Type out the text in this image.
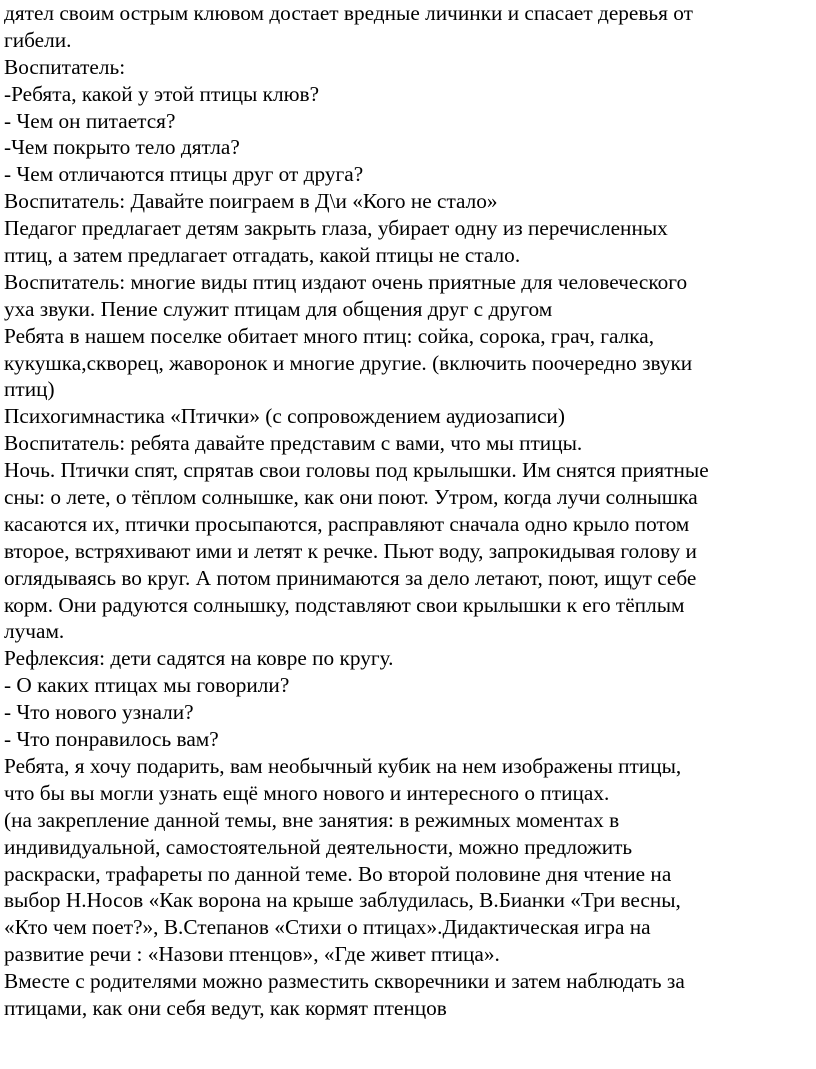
дятел своим острым клювом достает вредные личинки и спасает деревья от
гибели.
Воспитатель:
-Ребята, какой у этой птицы клюв?
- Чем он питается?
-Чем покрыто тело дятла?
- Чем отличаются птицы друг от друга?
Воспитатель: Давайте поиграем в Д\и «Кого не стало»
Педагог предлагает детям закрыть глаза, убирает одну из перечисленных
птиц, а затем предлагает отгадать, какой птицы не стало.
Воспитатель: многие виды птиц издают очень приятные для человеческого
уха звуки. Пение служит птицам для общения друг с другом
Ребята в нашем поселке обитает много птиц: сойка, сорока, грач, галка,
кукушка,скворец, жаворонок и многие другие. (включить поочередно звуки
птиц)
Психогимнастика «Птички» (с сопровождением аудиозаписи)
Воспитатель: ребята давайте представим с вами, что мы птицы.
Ночь. Птички спят, спрятав свои головы под крылышки. Им снятся приятные
сны: о лете, о тёплом солнышке, как они поют. Утром, когда лучи солнышка
касаются их, птички просыпаются, расправляют сначала одно крыло потом
второе, встряхивают ими и летят к речке. Пьют воду, запрокидывая голову и
оглядываясь во круг. А потом принимаются за дело летают, поют, ищут себе
корм. Они радуются солнышку, подставляют свои крылышки к его тёплым
лучам.
Рефлексия: дети садятся на ковре по кругу.
- О каких птицах мы говорили?
- Что нового узнали?
- Что понравилось вам?
Ребята, я хочу подарить, вам необычный кубик на нем изображены птицы,
что бы вы могли узнать ещё много нового и интересного о птицах.
(на закрепление данной темы, вне занятия: в режимных моментах в
индивидуальной, самостоятельной деятельности, можно предложить
раскраски, трафареты по данной теме. Во второй половине дня чтение на
выбор Н.Носов «Как ворона на крыше заблудилась, В.Бианки «Три весны,
«Кто чем поет?», В.Степанов «Стихи о птицах».Дидактическая игра на
развитие речи : «Назови птенцов», «Где живет птица».
Вместе с родителями можно разместить скворечники и затем наблюдать за
птицами, как они себя ведут, как кормят птенцов
